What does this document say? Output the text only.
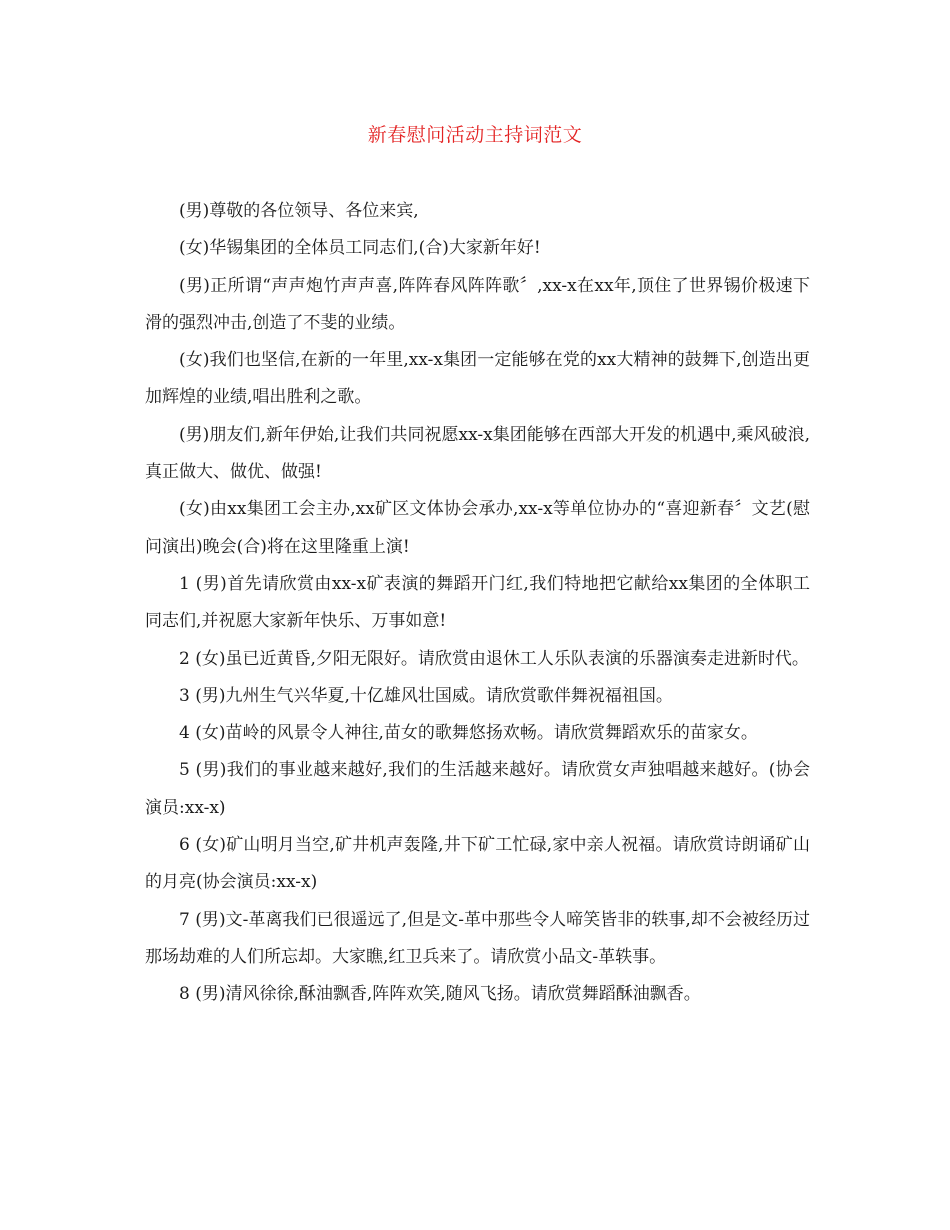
新春慰问活动主持词范文

(男)尊敬的各位领导、各位来宾,

(女)华锡集团的全体员工同志们,(合)大家新年好!

(男)正所谓“声声炮竹声声喜,阵阵春风阵阵歌〞,xx-x在xx年,顶住了世界锡价极速下滑的强烈冲击,创造了不斐的业绩。

(女)我们也坚信,在新的一年里,xx-x集团一定能够在党的xx大精神的鼓舞下,创造出更加辉煌的业绩,唱出胜利之歌。

(男)朋友们,新年伊始,让我们共同祝愿xx-x集团能够在西部大开发的机遇中,乘风破浪,真正做大、做优、做强!

(女)由xx集团工会主办,xx矿区文体协会承办,xx-x等单位协办的“喜迎新春〞文艺(慰问演出)晚会(合)将在这里隆重上演!

1 (男)首先请欣赏由xx-x矿表演的舞蹈开门红,我们特地把它献给xx集团的全体职工同志们,并祝愿大家新年快乐、万事如意!

2 (女)虽已近黄昏,夕阳无限好。请欣赏由退休工人乐队表演的乐器演奏走进新时代。

3 (男)九州生气兴华夏,十亿雄风壮国威。请欣赏歌伴舞祝福祖国。

4 (女)苗岭的风景令人神往,苗女的歌舞悠扬欢畅。请欣赏舞蹈欢乐的苗家女。

5 (男)我们的事业越来越好,我们的生活越来越好。请欣赏女声独唱越来越好。(协会演员:xx-x)

6 (女)矿山明月当空,矿井机声轰隆,井下矿工忙碌,家中亲人祝福。请欣赏诗朗诵矿山的月亮(协会演员:xx-x)

7 (男)文-革离我们已很遥远了,但是文-革中那些令人啼笑皆非的轶事,却不会被经历过那场劫难的人们所忘却。大家瞧,红卫兵来了。请欣赏小品文-革轶事。

8 (男)清风徐徐,酥油飘香,阵阵欢笑,随风飞扬。请欣赏舞蹈酥油飘香。
